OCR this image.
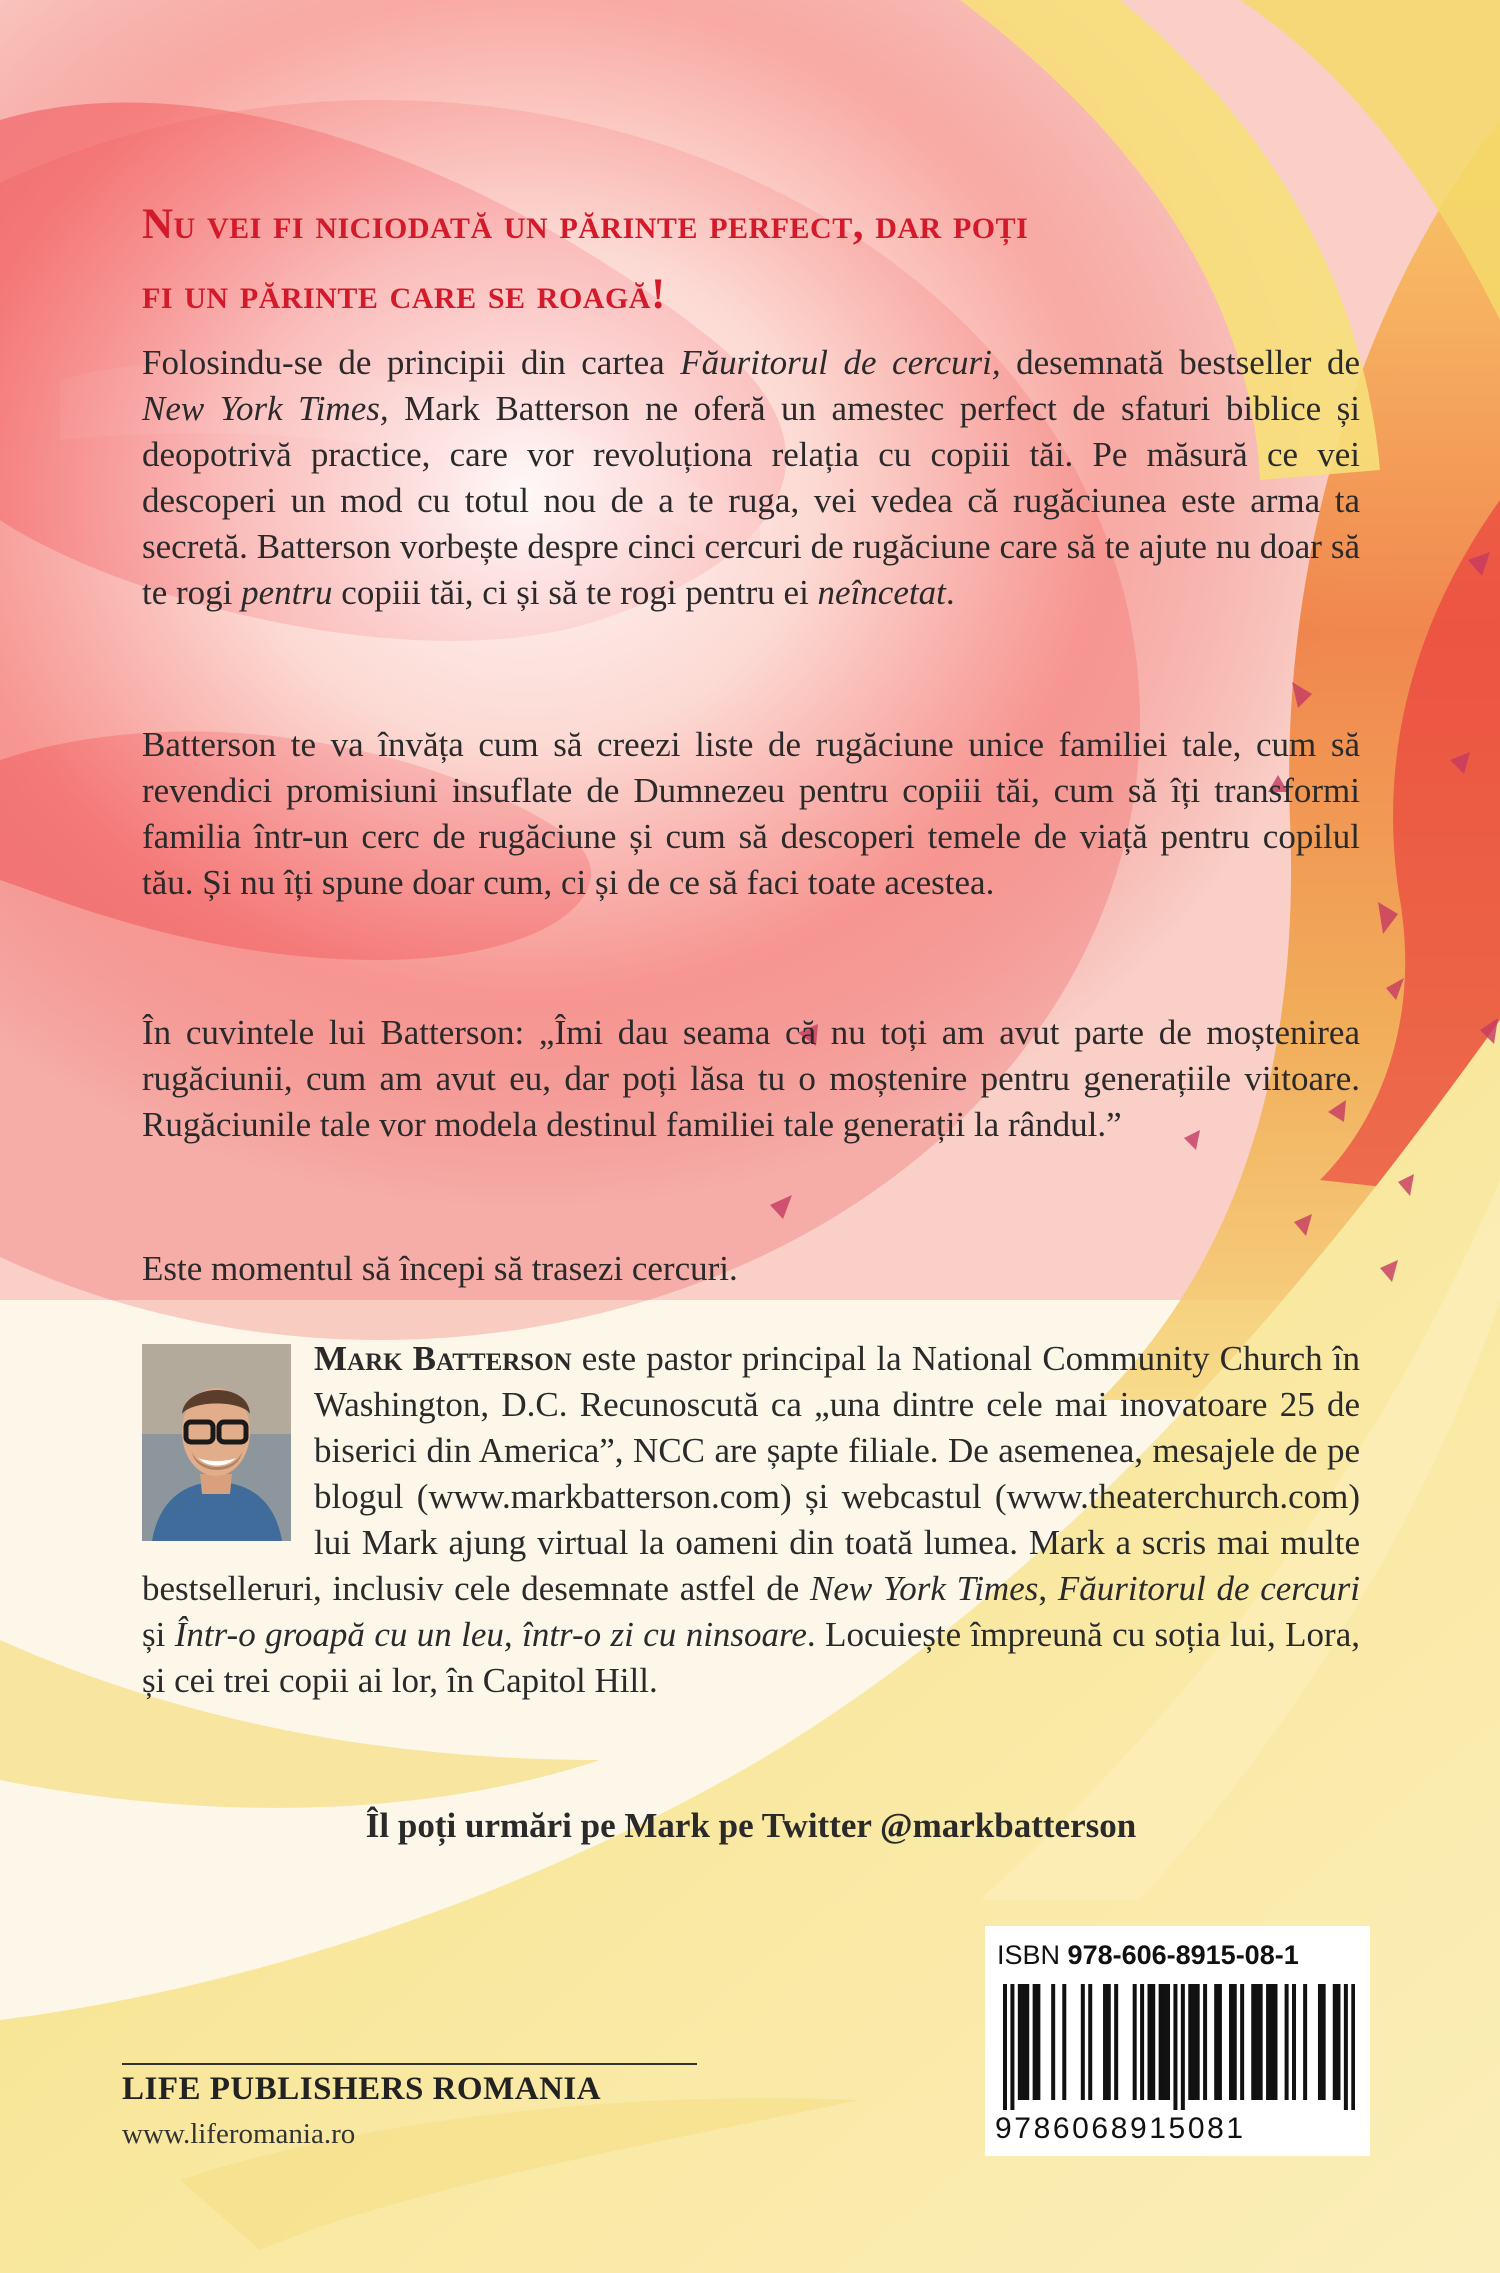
Nu vei fi niciodată un părinte perfect, dar poți
fi un părinte care se roagă!
Folosindu-se de principii din cartea Făuritorul de cercuri, desemnată bestseller de New York Times, Mark Batterson ne oferă un amestec perfect de sfaturi biblice și deopotrivă practice, care vor revoluționa relația cu copiii tăi. Pe măsură ce vei descoperi un mod cu totul nou de a te ruga, vei vedea că rugăciunea este arma ta secretă. Batterson vorbește despre cinci cercuri de rugăciune care să te ajute nu doar să te rogi pentru copiii tăi, ci și să te rogi pentru ei neîncetat.
Batterson te va învăța cum să creezi liste de rugăciune unice familiei tale, cum să revendici promisiuni insuflate de Dumnezeu pentru copiii tăi, cum să îți transformi familia într-un cerc de rugăciune și cum să descoperi temele de viață pentru copilul tău. Și nu îți spune doar cum, ci și de ce să faci toate acestea.
În cuvintele lui Batterson: „Îmi dau seama că nu toți am avut parte de moștenirea rugăciunii, cum am avut eu, dar poți lăsa tu o moștenire pentru generațiile viitoare. Rugăciunile tale vor modela destinul familiei tale generații la rândul.”
Este momentul să începi să trasezi cercuri.
Mark Batterson este pastor principal la National Community Church în Washington, D.C. Recunoscută ca „una dintre cele mai inovatoare 25 de biserici din America”, NCC are șapte filiale. De asemenea, mesajele de pe blogul (www.markbatterson.com) și webcastul (www.theaterchurch.com) lui Mark ajung virtual la oameni din toată lumea. Mark a scris mai multe bestselleruri, inclusiv cele desemnate astfel de New York Times, Făuritorul de cercuri și Într-o groapă cu un leu, într-o zi cu ninsoare. Locuiește împreună cu soția lui, Lora, și cei trei copii ai lor, în Capitol Hill.
Îl poți urmări pe Mark pe Twitter @markbatterson
LIFE PUBLISHERS ROMANIA
www.liferomania.ro
ISBN 978-606-8915-08-1
9786068915081
